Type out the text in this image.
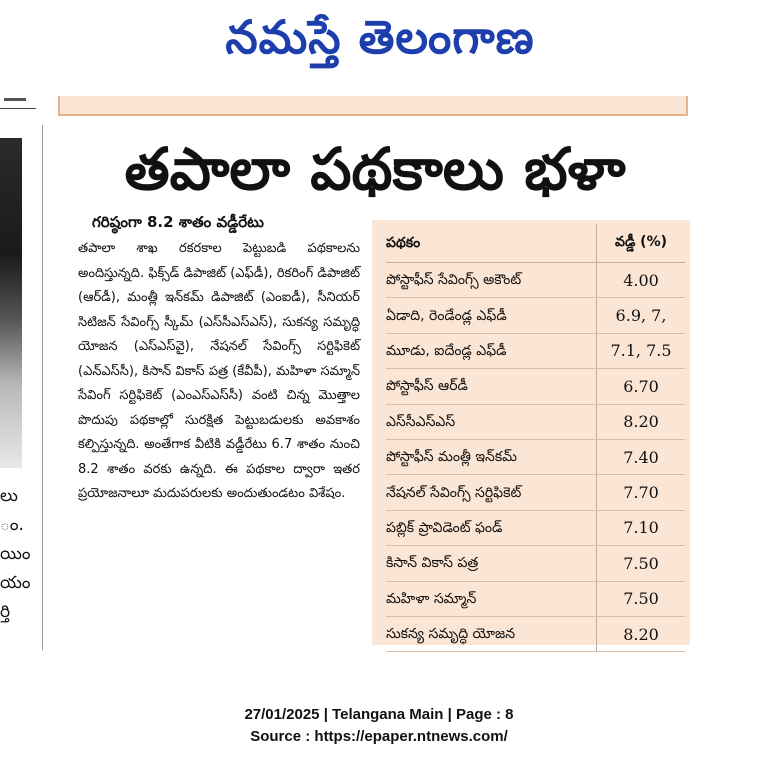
నమస్తే తెలంగాణ
లు
ం.
యిం
యం
ర్తి
తపాలా పథకాలు భళా
గరిష్ఠంగా 8.2 శాతం వడ్డీరేటు
తపాలా శాఖ రకరకాల పెట్టుబడి పథకాలను అందిస్తున్నది. ఫిక్స్‌డ్ డిపాజిట్ (ఎఫ్‌డీ), రికరింగ్ డిపాజిట్ (ఆర్‌డీ), మంత్లీ ఇన్‌కమ్ డిపాజిట్ (ఎంఐడీ), సీనియర్ సిటిజన్ సేవింగ్స్ స్కీమ్ (ఎస్‌సీఎస్‌ఎస్), సుకన్య సమృద్ధి యోజన (ఎస్‌ఎస్‌వై), నేషనల్ సేవింగ్స్ సర్టిఫికెట్ (ఎన్‌ఎస్‌సీ), కిసాన్ వికాస్ పత్ర (కేవీపీ), మహిళా సమ్మాన్ సేవింగ్ సర్టిఫికెట్ (ఎంఎస్‌ఎస్‌సీ) వంటి చిన్న మొత్తాల పొదుపు పథకాల్లో సురక్షిత పెట్టుబడులకు అవకాశం కల్పిస్తున్నది. అంతేగాక వీటికి వడ్డీరేటు 6.7 శాతం నుంచి 8.2 శాతం వరకు ఉన్నది. ఈ పథకాల ద్వారా ఇతర ప్రయోజనాలూ మదుపరులకు అందుతుండటం విశేషం.
పథకం	వడ్డీ (%)
పోస్టాఫీస్ సేవింగ్స్ అకౌంట్	4.00
ఏడాది, రెండేండ్ల ఎఫ్‌డీ	6.9, 7,
మూడు, ఐదేండ్ల ఎఫ్‌డీ	7.1, 7.5
పోస్టాఫీస్ ఆర్‌డీ	6.70
ఎస్‌సీఎస్‌ఎస్	8.20
పోస్టాఫీస్ మంత్లీ ఇన్‌కమ్	7.40
నేషనల్ సేవింగ్స్ సర్టిఫికెట్	7.70
పబ్లిక్ ప్రావిడెంట్ ఫండ్	7.10
కిసాన్ వికాస్ పత్ర	7.50
మహిళా సమ్మాన్	7.50
సుకన్య సమృద్ధి యోజన	8.20
27/01/2025 | Telangana Main | Page : 8
Source : https://epaper.ntnews.com/
